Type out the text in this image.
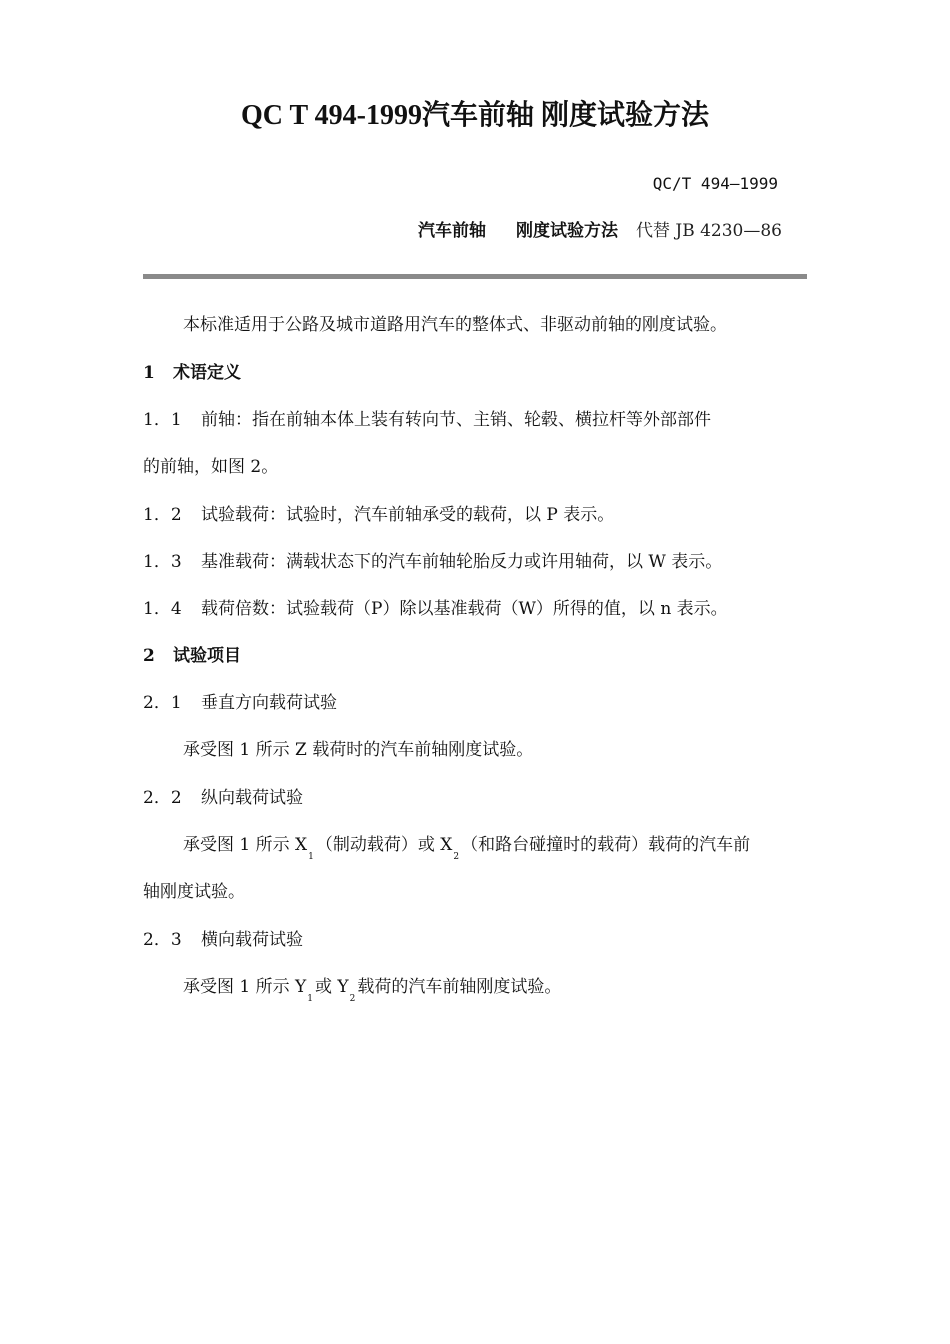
QC T 494-1999汽车前轴 刚度试验方法
QC/T 494—1999
汽车前轴 刚度试验方法 代替 JB 4230—86
本标准适用于公路及城市道路用汽车的整体式、非驱动前轴的刚度试验。
1 术语定义
1．1 前轴：指在前轴本体上装有转向节、主销、轮毂、横拉杆等外部部件
的前轴，如图 2。
1．2 试验载荷：试验时，汽车前轴承受的载荷，以 P 表示。
1．3 基准载荷：满载状态下的汽车前轴轮胎反力或许用轴荷，以 W 表示。
1．4 载荷倍数：试验载荷（P）除以基准载荷（W）所得的值，以 n 表示。
2 试验项目
2．1 垂直方向载荷试验
承受图 1 所示 Z 载荷时的汽车前轴刚度试验。
2．2 纵向载荷试验
承受图 1 所示 $X_1$（制动载荷）或 $X_2$（和路台碰撞时的载荷）载荷的汽车前
轴刚度试验。
2．3 横向载荷试验
承受图 1 所示 $Y_1$或 $Y_2$载荷的汽车前轴刚度试验。
